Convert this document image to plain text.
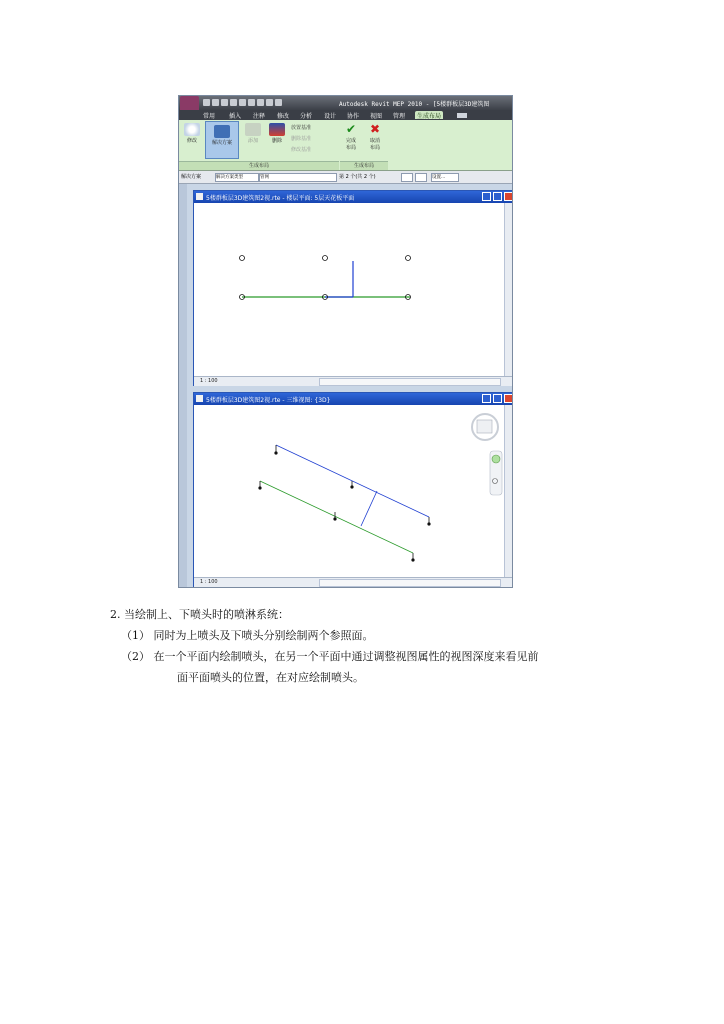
Autodesk Revit MEP 2010 - [5楼群板层3D建筑图
常用	插入	注释	修改	分析	设计	协作	视图	管理	生成布局
修改	解决方案	添加	删除
放置基准
删除基准
修改基准
✔
完成
布局
✖
取消
布局
生成布局	生成布局
解决方案	解决方案类型	管网	第 2 个(共 2 个)	设置...
5楼群板层3D建筑图2视.rte - 楼层平面: 5层天花板平面
1 : 100
5楼群板层3D建筑图2视.rte - 三维视图: {3D}
1 : 100
2. 当绘制上、下喷头时的喷淋系统：
（1） 同时为上喷头及下喷头分别绘制两个参照面。
（2） 在一个平面内绘制喷头，在另一个平面中通过调整视图属性的视图深度来看见前
面平面喷头的位置，在对应绘制喷头。
